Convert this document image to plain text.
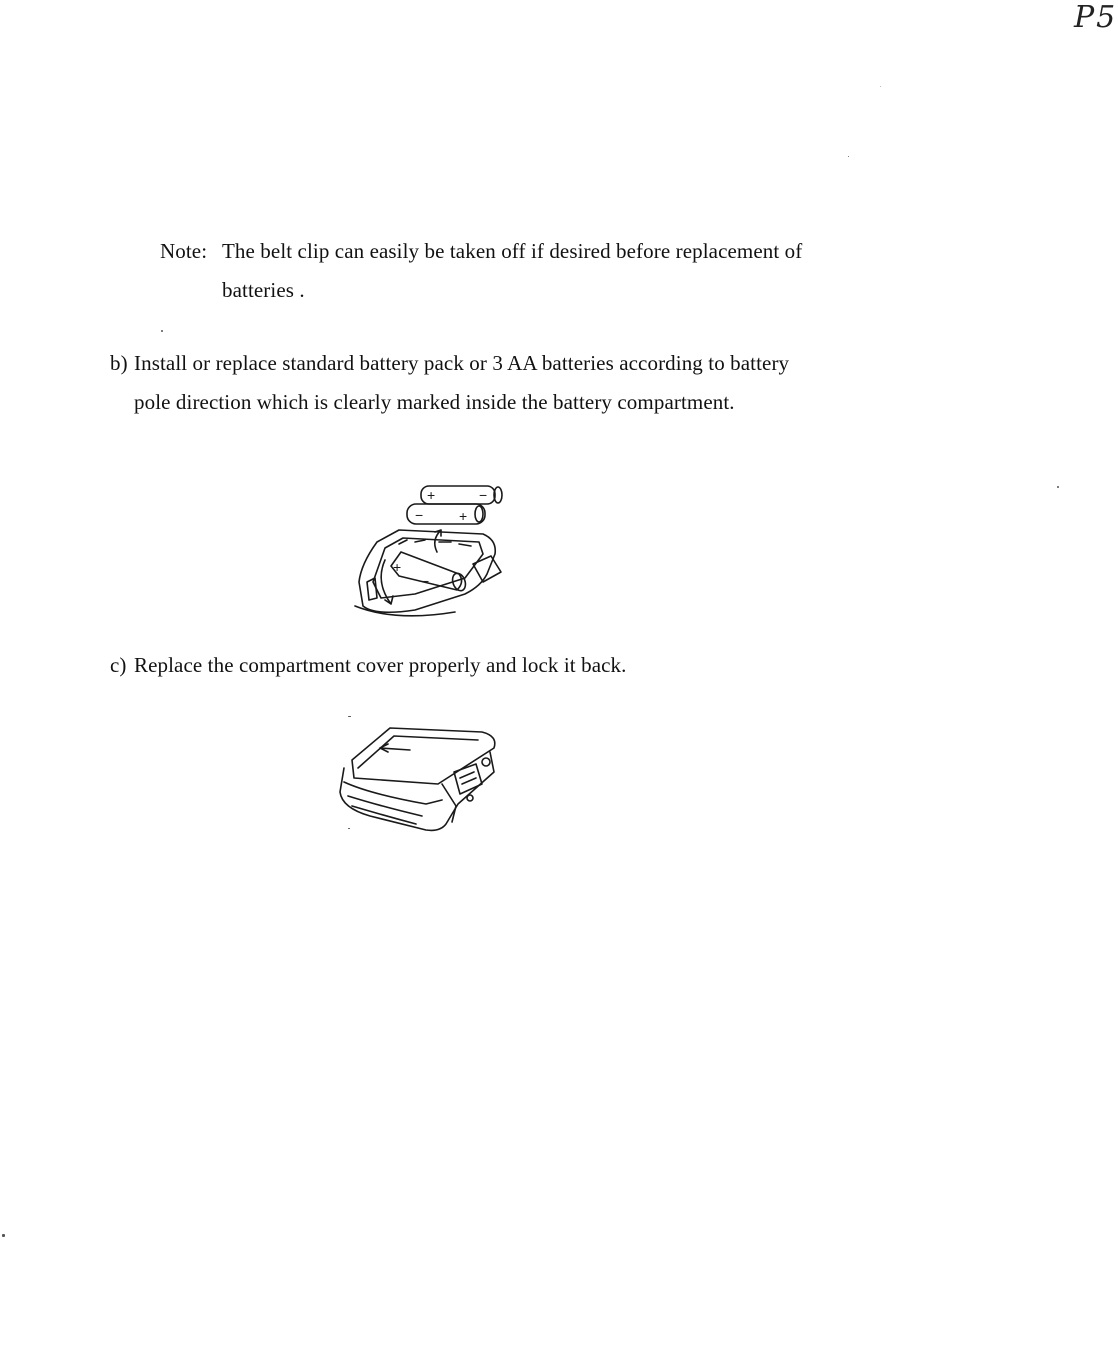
P5
Note: The belt clip can easily be taken off if desired before replacement of
batteries .
b) Install or replace standard battery pack or 3 AA batteries according to battery
pole direction which is clearly marked inside the battery compartment.
+	−
−	+
+
−
c) Replace the compartment cover properly and lock it back.
